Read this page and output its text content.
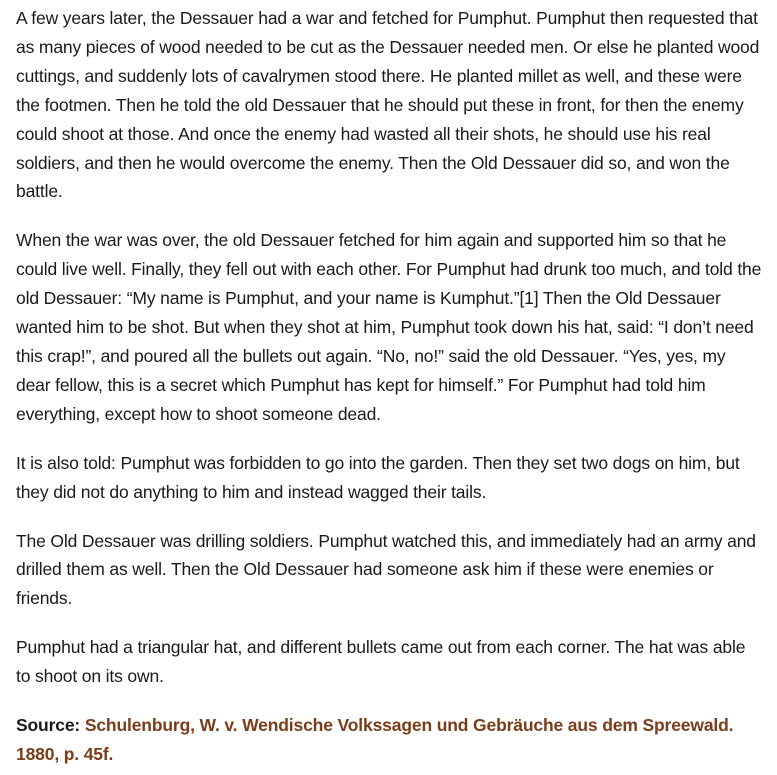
A few years later, the Dessauer had a war and fetched for Pumphut. Pumphut then requested that as many pieces of wood needed to be cut as the Dessauer needed men. Or else he planted wood cuttings, and suddenly lots of cavalrymen stood there. He planted millet as well, and these were the footmen. Then he told the old Dessauer that he should put these in front, for then the enemy could shoot at those. And once the enemy had wasted all their shots, he should use his real soldiers, and then he would overcome the enemy. Then the Old Dessauer did so, and won the battle.

When the war was over, the old Dessauer fetched for him again and supported him so that he could live well. Finally, they fell out with each other. For Pumphut had drunk too much, and told the old Dessauer: “My name is Pumphut, and your name is Kumphut.”[1] Then the Old Dessauer wanted him to be shot. But when they shot at him, Pumphut took down his hat, said: “I don’t need this crap!”, and poured all the bullets out again. “No, no!” said the old Dessauer. “Yes, yes, my dear fellow, this is a secret which Pumphut has kept for himself.” For Pumphut had told him everything, except how to shoot someone dead.

It is also told: Pumphut was forbidden to go into the garden. Then they set two dogs on him, but they did not do anything to him and instead wagged their tails.

The Old Dessauer was drilling soldiers. Pumphut watched this, and immediately had an army and drilled them as well. Then the Old Dessauer had someone ask him if these were enemies or friends.

Pumphut had a triangular hat, and different bullets came out from each corner. The hat was able to shoot on its own.

Source: Schulenburg, W. v. Wendische Volkssagen und Gebräuche aus dem Spreewald. 1880, p. 45f.
